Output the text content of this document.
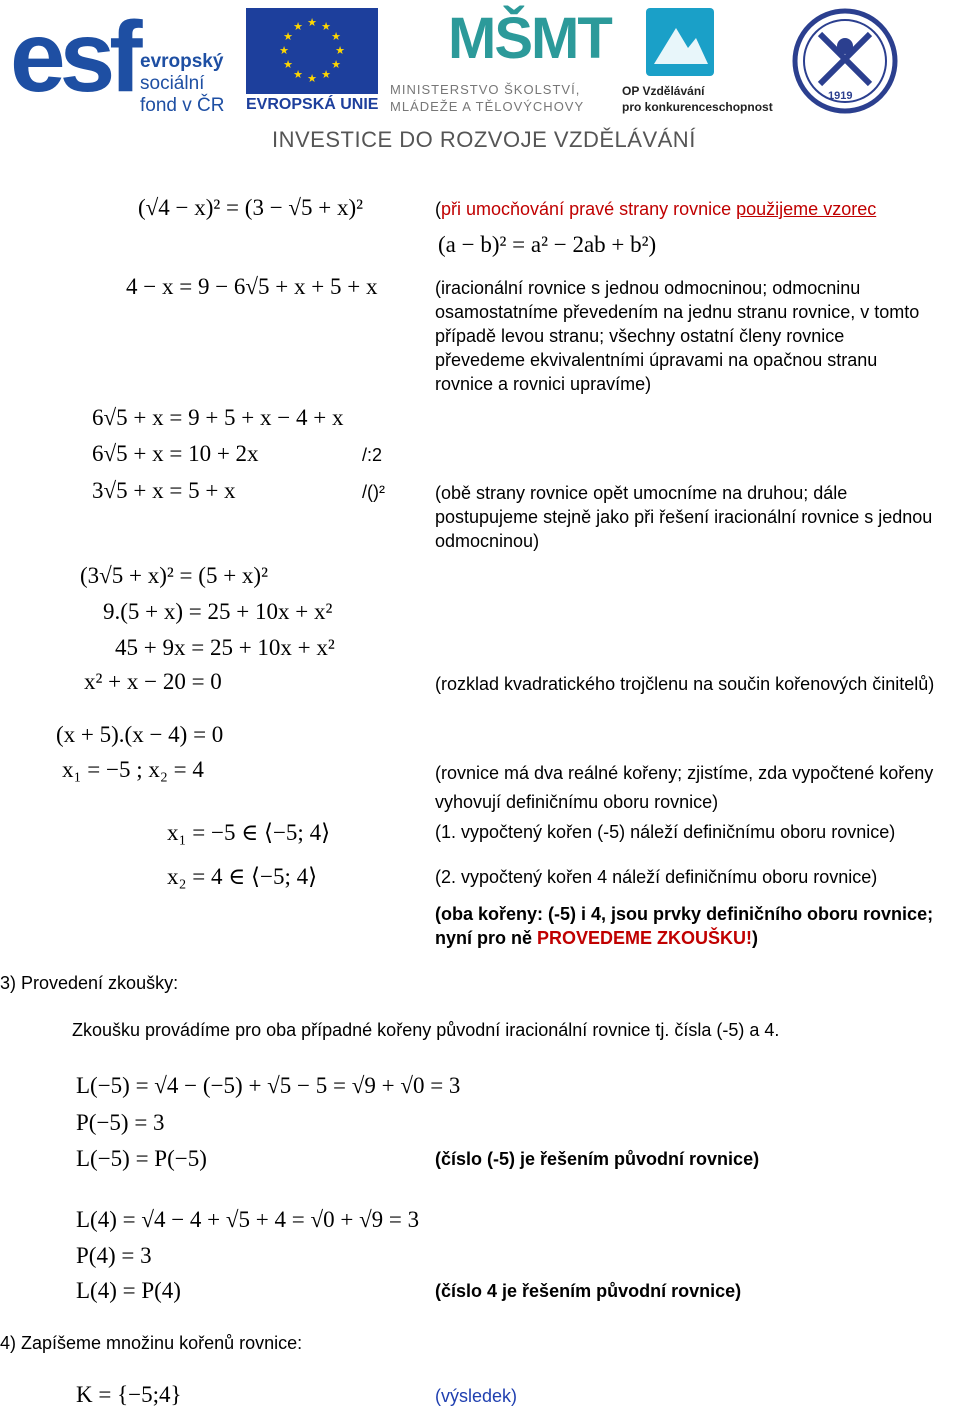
esf evropský
sociální
fond v ČR
★ ★
★
★
★
★
★
★
★
★
★
★
EVROPSKÁ UNIE
MŠMT
MINISTERSTVO ŠKOLSTVÍ,
MLÁDEŽE A TĚLOVÝCHOVY
OP Vzdělávání
pro konkurenceschopnost
1919
INVESTICE DO ROZVOJE VZDĚLÁVÁNÍ
(√4 − x)² = (3 − √5 + x)²
(a − b)² = a² − 2ab + b²)
4 − x = 9 − 6√5 + x + 5 + x
6√5 + x = 9 + 5 + x − 4 + x
6√5 + x = 10 + 2x	/:2
3√5 + x = 5 + x	/()²
(3√5 + x)² = (5 + x)²
9.(5 + x) = 25 + 10x + x²
45 + 9x = 25 + 10x + x²
x² + x − 20 = 0
(x + 5).(x − 4) = 0
x₁ = −5 ; x₂ = 4
x₁ = −5 ∈ ⟨−5; 4⟩
x₂ = 4 ∈ ⟨−5; 4⟩
(při umocňování pravé strany rovnice použijeme vzorec
(iracionální rovnice s jednou odmocninou; odmocninu osamostatníme převedením na jednu stranu rovnice, v tomto případě levou stranu; všechny ostatní členy rovnice převedeme ekvivalentními úpravami na opačnou stranu rovnice a rovnici upravíme)
(obě strany rovnice opět umocníme na druhou; dále postupujeme stejně jako při řešení iracionální rovnice s jednou odmocninou)
(rozklad kvadratického trojčlenu na součin kořenových činitelů)
(rovnice má dva reálné kořeny; zjistíme, zda vypočtené kořeny vyhovují definičnímu oboru rovnice)
(1. vypočtený kořen (-5) náleží definičnímu oboru rovnice)
(2. vypočtený kořen 4 náleží definičnímu oboru rovnice)
(oba kořeny: (-5) i 4, jsou prvky definičního oboru rovnice; nyní pro ně PROVEDEME ZKOUŠKU!)
3) Provedení zkoušky:
Zkoušku provádíme pro oba případné kořeny původní iracionální rovnice tj. čísla (-5) a 4.
L(−5) = √4 − (−5) + √5 − 5 = √9 + √0 = 3
P(−5) = 3
L(−5) = P(−5)	(číslo (-5) je řešením původní rovnice)
L(4) = √4 − 4 + √5 + 4 = √0 + √9 = 3
P(4) = 3
L(4) = P(4)	(číslo 4 je řešením původní rovnice)
4) Zapíšeme množinu kořenů rovnice:
K = {−5;4}	(výsledek)
